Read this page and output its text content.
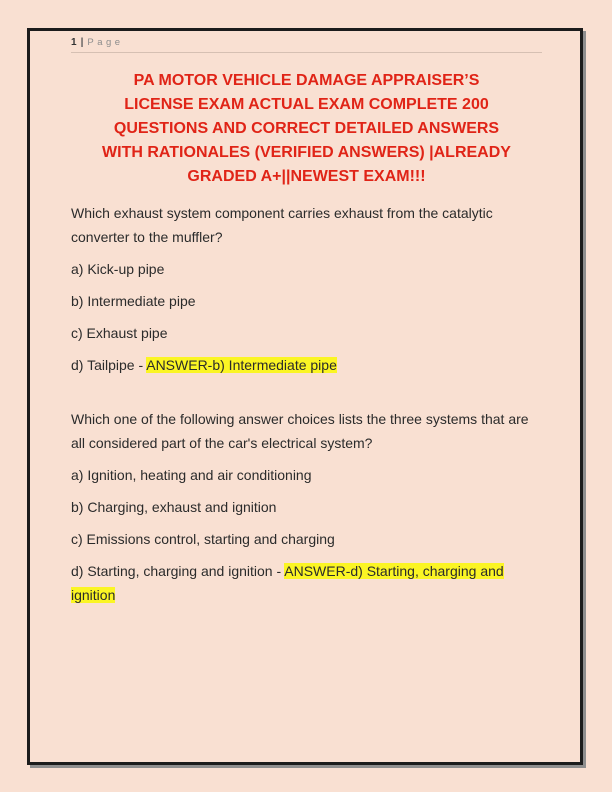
1 | Page
PA MOTOR VEHICLE DAMAGE APPRAISER’S
LICENSE EXAM ACTUAL EXAM COMPLETE 200
QUESTIONS AND CORRECT DETAILED ANSWERS
WITH RATIONALES (VERIFIED ANSWERS) |ALREADY
GRADED A+||NEWEST EXAM!!!

Which exhaust system component carries exhaust from the catalytic converter to the muffler?

a) Kick-up pipe

b) Intermediate pipe

c) Exhaust pipe

d) Tailpipe - ANSWER-b) Intermediate pipe

Which one of the following answer choices lists the three systems that are all considered part of the car's electrical system?

a) Ignition, heating and air conditioning

b) Charging, exhaust and ignition

c) Emissions control, starting and charging

d) Starting, charging and ignition - ANSWER-d) Starting, charging and ignition
